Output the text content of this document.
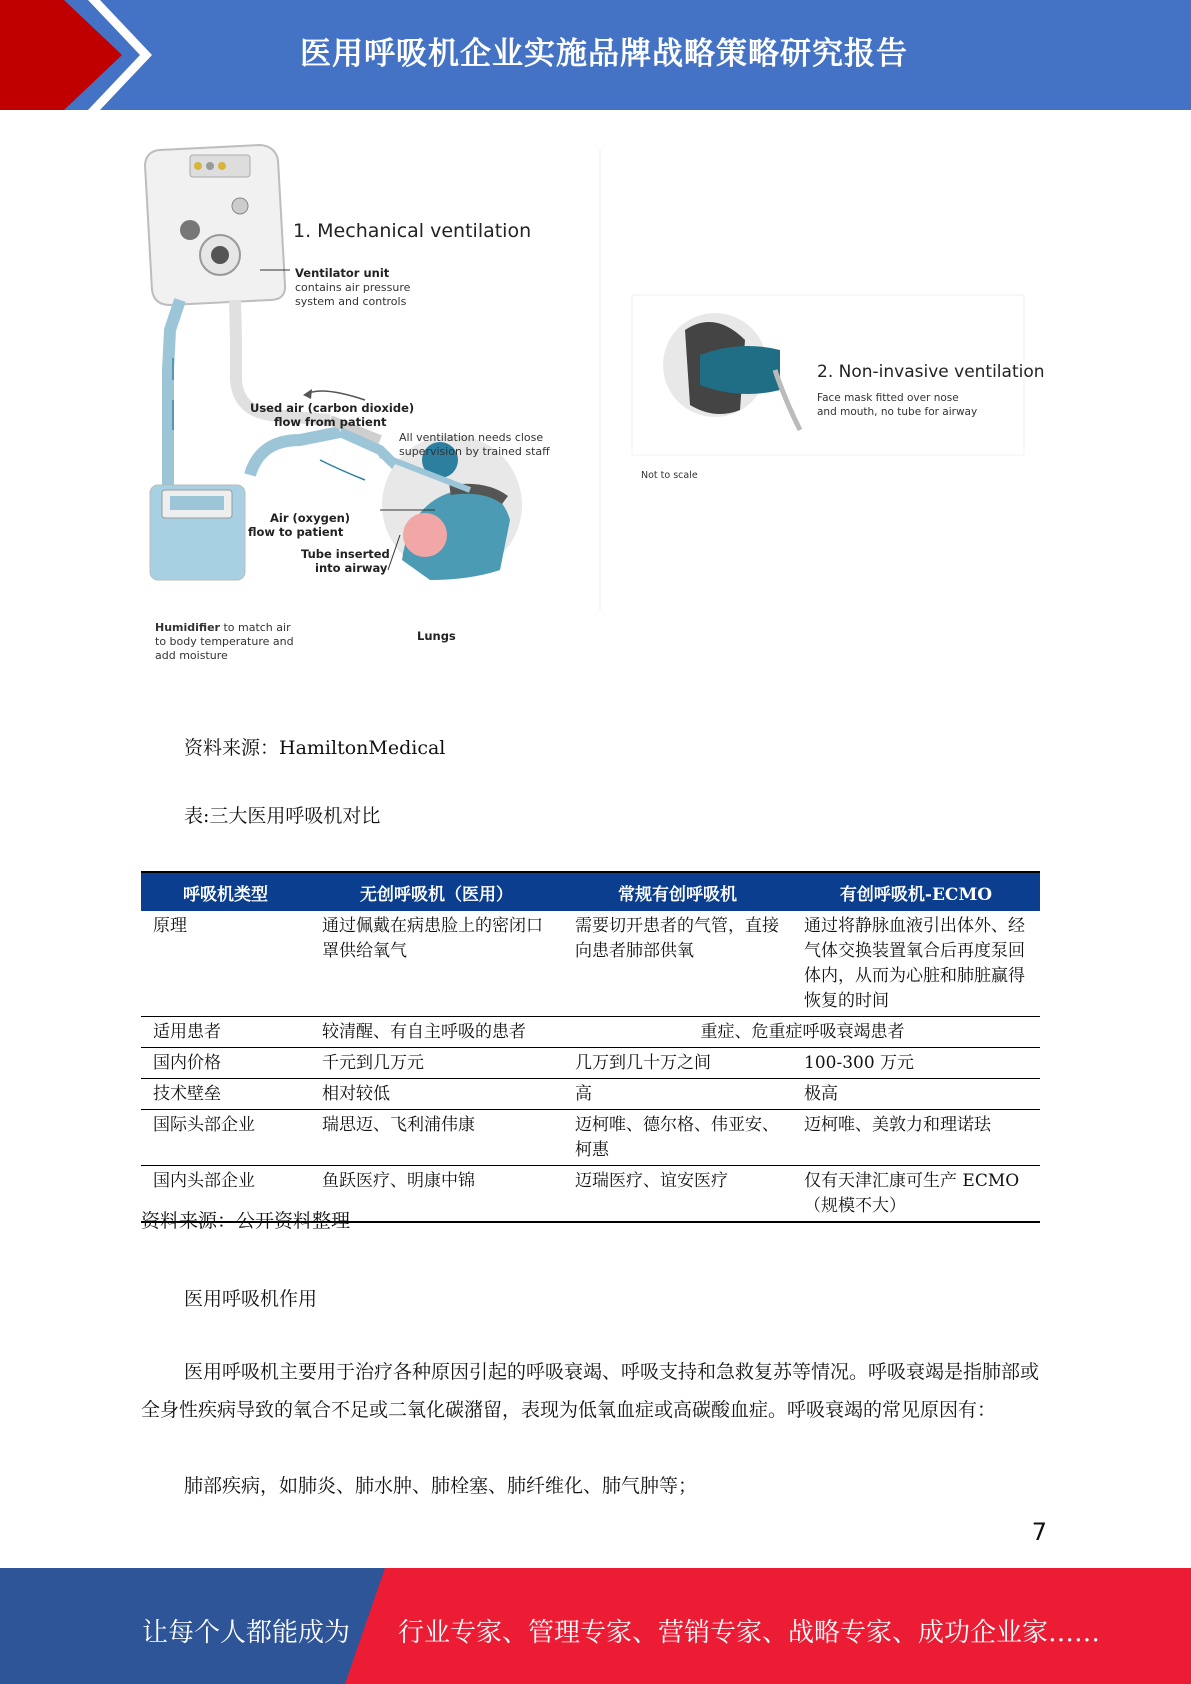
医用呼吸机企业实施品牌战略策略研究报告
1. Mechanical ventilation
Ventilator unit
contains air pressure
system and controls
Used air (carbon dioxide)
flow from patient
All ventilation needs close
supervision by trained staff
Air (oxygen)
flow to patient
Tube inserted
into airway
Humidifier to match air
to body temperature and
add moisture
Lungs
2. Non-invasive ventilation
Face mask fitted over nose
and mouth, no tube for airway
Not to scale
资料来源：HamiltonMedical
表:三大医用呼吸机对比
呼吸机类型	无创呼吸机（医用）	常规有创呼吸机	有创呼吸机-ECMO
原理	通过佩戴在病患脸上的密闭口罩供给氧气	需要切开患者的气管，直接向患者肺部供氧	通过将静脉血液引出体外、经气体交换装置氧合后再度泵回体内，从而为心脏和肺脏赢得恢复的时间
适用患者	较清醒、有自主呼吸的患者	重症、危重症呼吸衰竭患者	
国内价格	千元到几万元	几万到几十万之间	100-300 万元
技术壁垒	相对较低	高	极高
国际头部企业	瑞思迈、飞利浦伟康	迈柯唯、德尔格、伟亚安、柯惠	迈柯唯、美敦力和理诺珐
国内头部企业	鱼跃医疗、明康中锦	迈瑞医疗、谊安医疗	仅有天津汇康可生产 ECMO（规模不大）
资料来源：公开资料整理
医用呼吸机作用
医用呼吸机主要用于治疗各种原因引起的呼吸衰竭、呼吸支持和急救复苏等情况。呼吸衰竭是指肺部或全身性疾病导致的氧合不足或二氧化碳潴留，表现为低氧血症或高碳酸血症。呼吸衰竭的常见原因有：
肺部疾病，如肺炎、肺水肿、肺栓塞、肺纤维化、肺气肿等；
7
让每个人都能成为 行业专家、管理专家、营销专家、战略专家、成功企业家……
